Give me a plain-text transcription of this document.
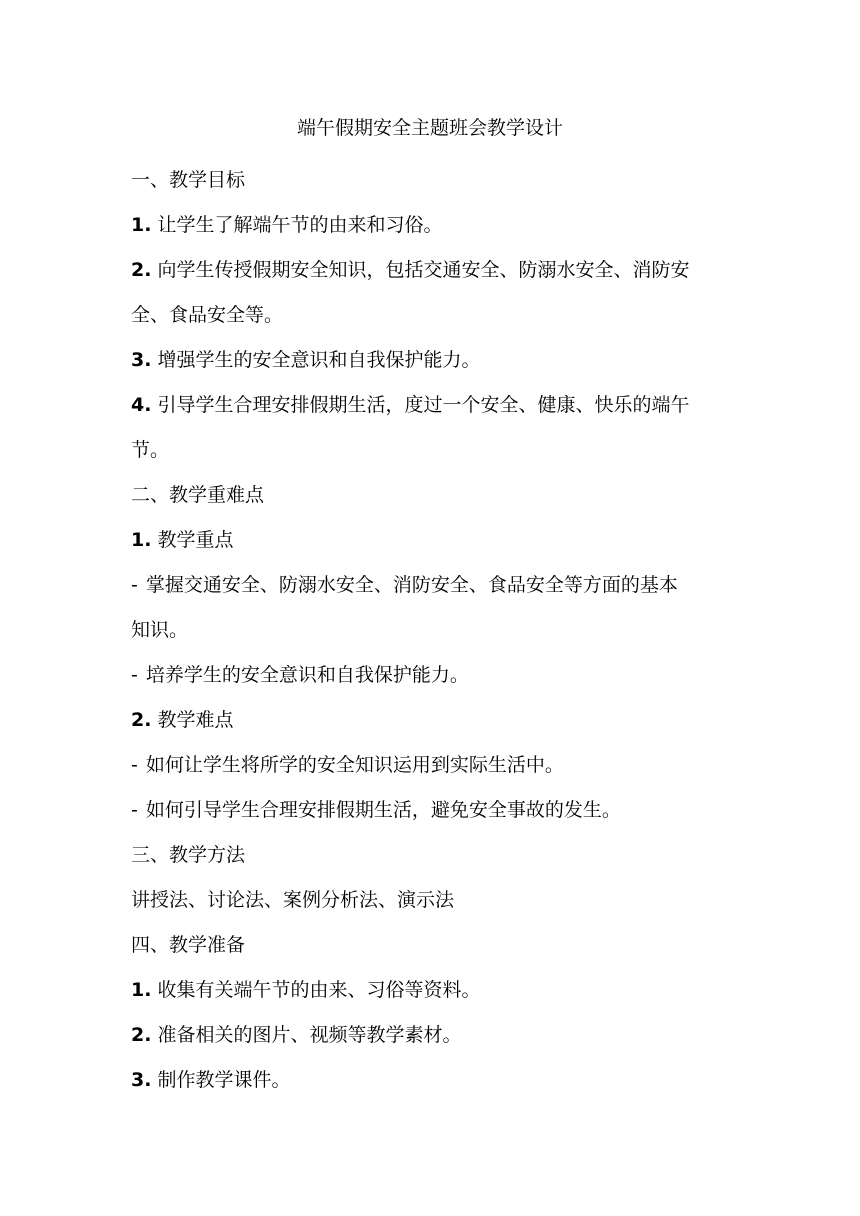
端午假期安全主题班会教学设计
一、教学目标
1. 让学生了解端午节的由来和习俗。
2. 向学生传授假期安全知识，包括交通安全、防溺水安全、消防安
全、食品安全等。
3. 增强学生的安全意识和自我保护能力。
4. 引导学生合理安排假期生活，度过一个安全、健康、快乐的端午
节。
二、教学重难点
1. 教学重点
- 掌握交通安全、防溺水安全、消防安全、食品安全等方面的基本
知识。
- 培养学生的安全意识和自我保护能力。
2. 教学难点
- 如何让学生将所学的安全知识运用到实际生活中。
- 如何引导学生合理安排假期生活，避免安全事故的发生。
三、教学方法
讲授法、讨论法、案例分析法、演示法
四、教学准备
1. 收集有关端午节的由来、习俗等资料。
2. 准备相关的图片、视频等教学素材。
3. 制作教学课件。
